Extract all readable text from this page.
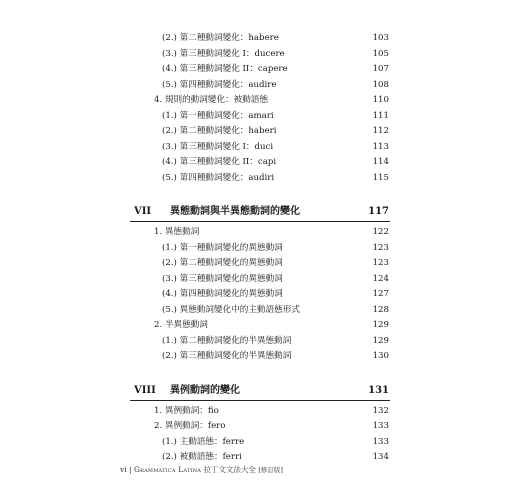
(2.) 第二種動詞變化：habere	103
(3.) 第三種動詞變化 I：ducere	105
(4.) 第三種動詞變化 II：capere	107
(5.) 第四種動詞變化：audire	108
4. 規則的動詞變化：被動語態	110
(1.) 第一種動詞變化：amari	111
(2.) 第二種動詞變化：haberi	112
(3.) 第三種動詞變化 I：duci	113
(4.) 第三種動詞變化 II：capi	114
(5.) 第四種動詞變化：audiri	115
VII 異態動詞與半異態動詞的變化	117
1. 異態動詞	122
(1.) 第一種動詞變化的異態動詞	123
(2.) 第二種動詞變化的異態動詞	123
(3.) 第三種動詞變化的異態動詞	124
(4.) 第四種動詞變化的異態動詞	127
(5.) 異態動詞變化中的主動語態形式	128
2. 半異態動詞	129
(1.) 第二種動詞變化的半異態動詞	129
(2.) 第三種動詞變化的半異態動詞	130
VIII 異例動詞的變化	131
1. 異例動詞：fio	132
2. 異例動詞：fero	133
(1.) 主動語態：ferre	133
(2.) 被動語態：ferri	134
vi | Grammatica Latina 拉丁文文法大全 [修訂版]
